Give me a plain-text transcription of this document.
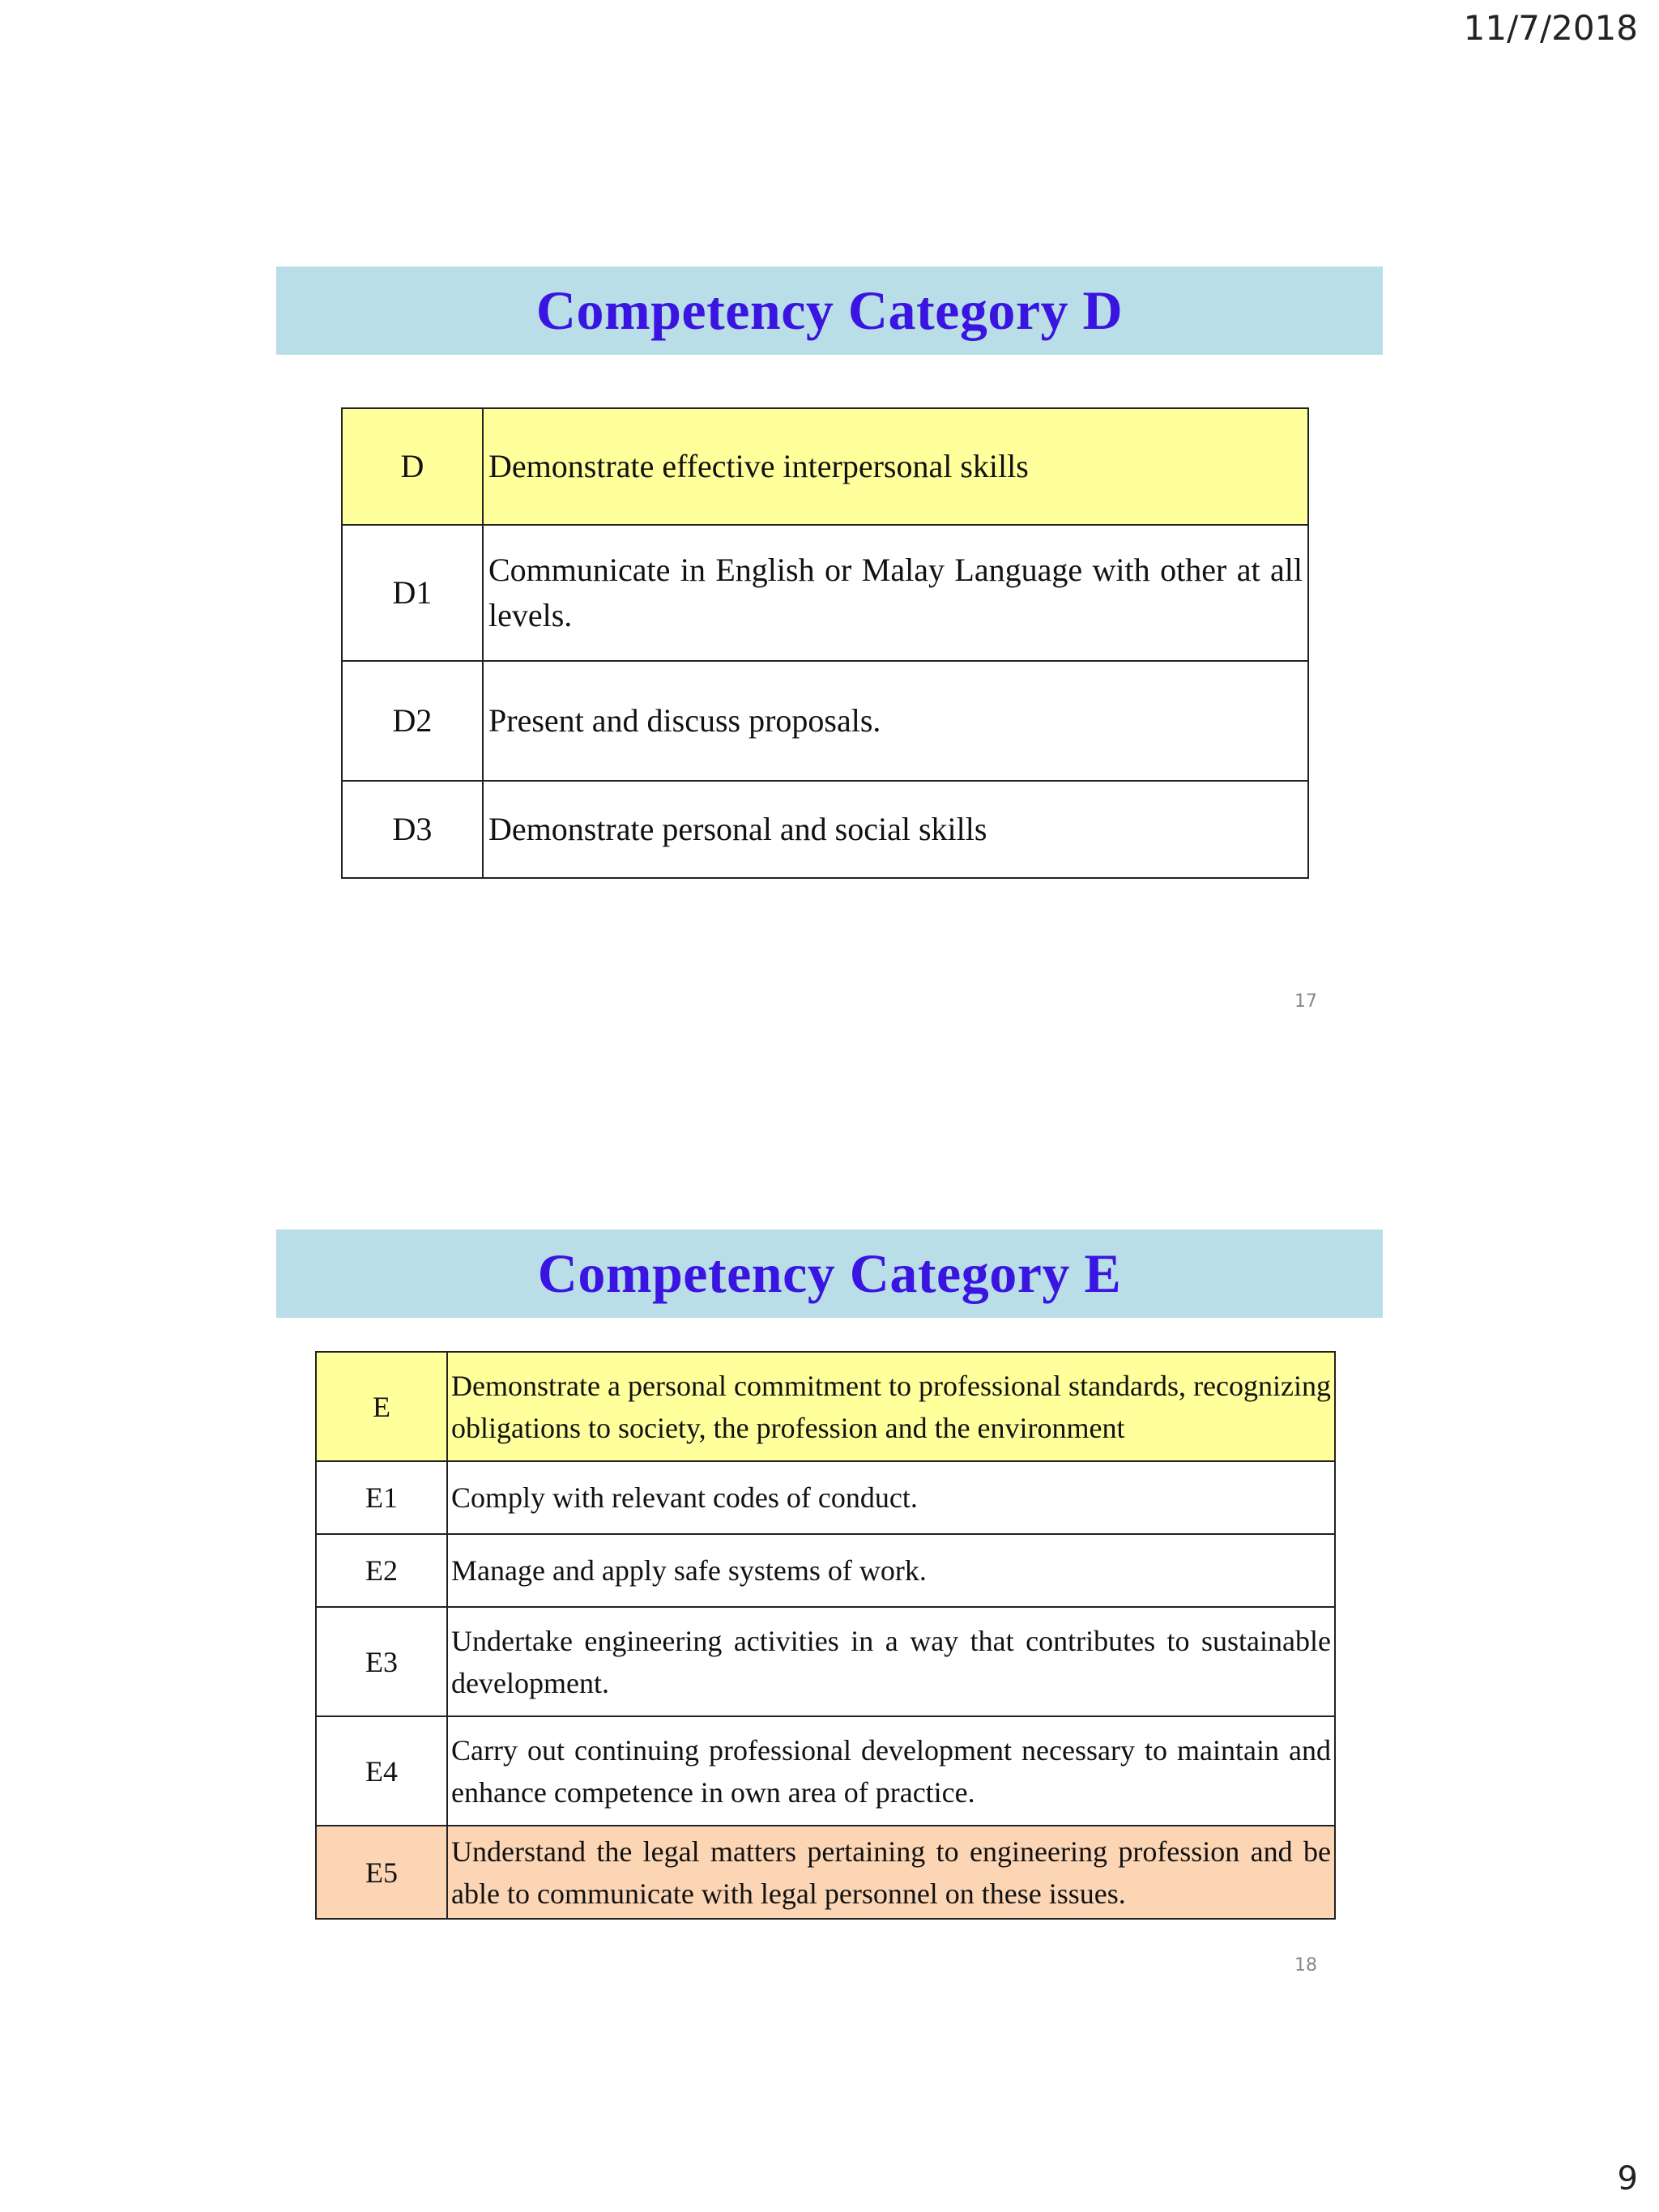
11/7/2018
Competency Category D
D	Demonstrate effective interpersonal skills
D1	Communicate in English or Malay Language with other at all levels.
D2	Present and discuss proposals.
D3	Demonstrate personal and social skills
17
Competency Category E
E	Demonstrate a personal commitment to professional standards, recognizing obligations to society, the profession and the environment
E1	Comply with relevant codes of conduct.
E2	Manage and apply safe systems of work.
E3	Undertake engineering activities in a way that contributes to sustainable development.
E4	Carry out continuing professional development necessary to maintain and enhance competence in own area of practice.
E5	Understand the legal matters pertaining to engineering profession and be able to communicate with legal personnel on these issues.
18
9
